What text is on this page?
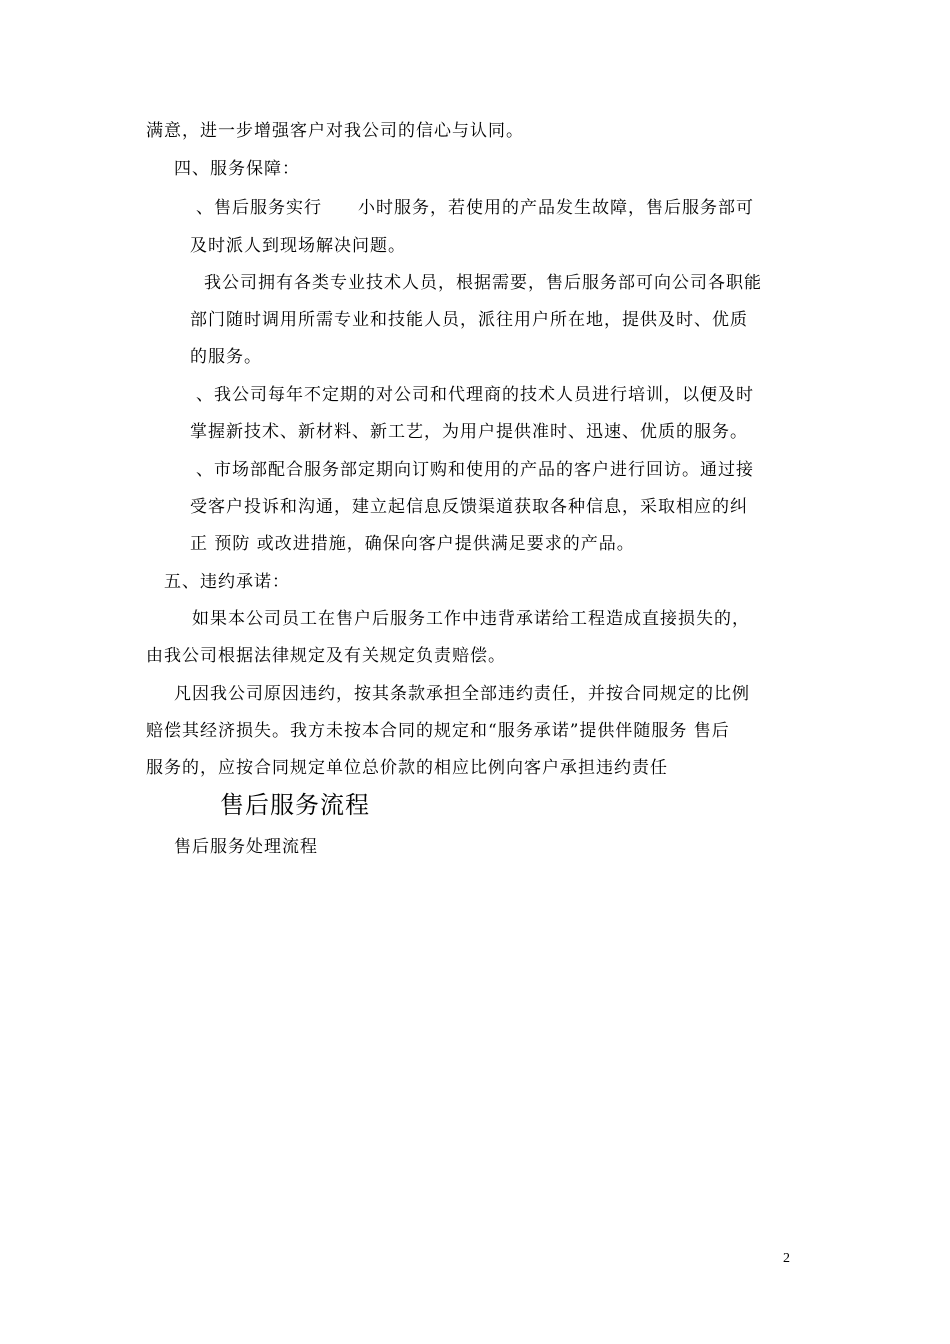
满意，进一步增强客户对我公司的信心与认同。
四、服务保障：
、售后服务实行　　小时服务，若使用的产品发生故障，售后服务部可
及时派人到现场解决问题。
我公司拥有各类专业技术人员，根据需要，售后服务部可向公司各职能
部门随时调用所需专业和技能人员，派往用户所在地，提供及时、优质
的服务。
、我公司每年不定期的对公司和代理商的技术人员进行培训，以便及时
掌握新技术、新材料、新工艺，为用户提供准时、迅速、优质的服务。
、市场部配合服务部定期向订购和使用的产品的客户进行回访。通过接
受客户投诉和沟通，建立起信息反馈渠道获取各种信息，采取相应的纠
正 预防 或改进措施，确保向客户提供满足要求的产品。
五、违约承诺：
如果本公司员工在售户后服务工作中违背承诺给工程造成直接损失的，
由我公司根据法律规定及有关规定负责赔偿。
凡因我公司原因违约，按其条款承担全部违约责任，并按合同规定的比例
赔偿其经济损失。我方未按本合同的规定和“服务承诺”提供伴随服务 售后
服务的，应按合同规定单位总价款的相应比例向客户承担违约责任
售后服务流程
售后服务处理流程
2
